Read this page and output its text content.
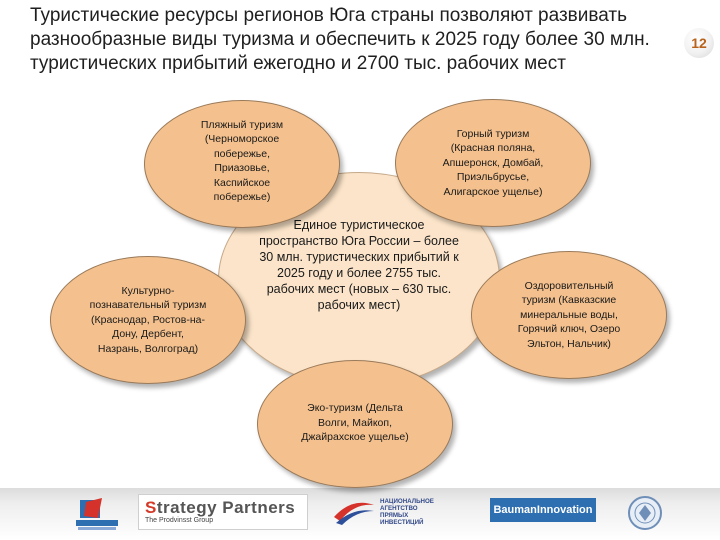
Туристические ресурсы регионов Юга страны позволяют развивать
разнообразные виды туризма и обеспечить к 2025 году более 30 млн.
туристических прибытий ежегодно и 2700 тыс. рабочих мест
12
Единое туристическое
пространство Юга России – более
30 млн. туристических прибытий к
2025 году и более 2755 тыс.
рабочих мест (новых – 630 тыс.
рабочих мест)
Пляжный туризм
(Черноморское
побережье,
Приазовье,
Каспийское
побережье)
Горный туризм
(Красная поляна,
Апшеронск, Домбай,
Приэльбрусье,
Алигарское ущелье)
Культурно-
познавательный туризм
(Краснодар, Ростов-на-
Дону, Дербент,
Назрань, Волгоград)
Оздоровительный
туризм (Кавказские
минеральные воды,
Горячий ключ, Озеро
Эльтон, Нальчик)
Эко-туризм (Дельта
Волги, Майкоп,
Джайрахское ущелье)
Strategy Partners
The Prodvinsst Group
НАЦИОНАЛЬНОЕ
АГЕНТСТВО
ПРЯМЫХ
ИНВЕСТИЦИЙ
BaumanInnovation
